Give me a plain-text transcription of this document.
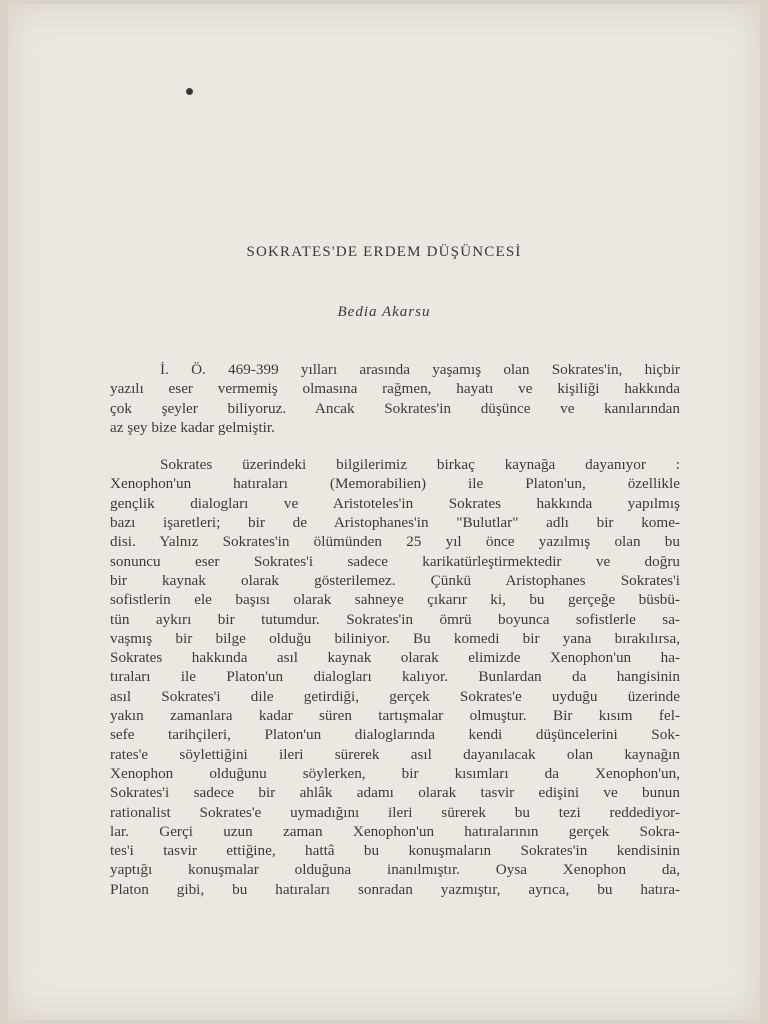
SOKRATES'DE ERDEM DÜŞÜNCESİ
Bedia Akarsu
İ. Ö. 469-399 yılları arasında yaşamış olan Sokrates'in, hiçbir
yazılı eser vermemiş olmasına rağmen, hayatı ve kişiliği hakkında
çok şeyler biliyoruz. Ancak Sokrates'in düşünce ve kanılarından
az şey bize kadar gelmiştir.
Sokrates üzerindeki bilgilerimiz birkaç kaynağa dayanıyor :
Xenophon'un hatıraları (Memorabilien) ile Platon'un, özellikle
gençlik dialogları ve Aristoteles'in Sokrates hakkında yapılmış
bazı işaretleri; bir de Aristophanes'in "Bulutlar" adlı bir kome-
disi. Yalnız Sokrates'in ölümünden 25 yıl önce yazılmış olan bu
sonuncu eser Sokrates'i sadece karikatürleştirmektedir ve doğru
bir kaynak olarak gösterilemez. Çünkü Aristophanes Sokrates'i
sofistlerin ele başısı olarak sahneye çıkarır ki, bu gerçeğe büsbü-
tün aykırı bir tutumdur. Sokrates'in ömrü boyunca sofistlerle sa-
vaşmış bir bilge olduğu biliniyor. Bu komedi bir yana bırakılırsa,
Sokrates hakkında asıl kaynak olarak elimizde Xenophon'un ha-
tıraları ile Platon'un dialogları kalıyor. Bunlardan da hangisinin
asıl Sokrates'i dile getirdiği, gerçek Sokrates'e uyduğu üzerinde
yakın zamanlara kadar süren tartışmalar olmuştur. Bir kısım fel-
sefe tarihçileri, Platon'un dialoglarında kendi düşüncelerini Sok-
rates'e söylettiğini ileri sürerek asıl dayanılacak olan kaynağın
Xenophon olduğunu söylerken, bir kısımları da Xenophon'un,
Sokrates'i sadece bir ahlâk adamı olarak tasvir edişini ve bunun
rationalist Sokrates'e uymadığını ileri sürerek bu tezi reddediyor-
lar. Gerçi uzun zaman Xenophon'un hatıralarının gerçek Sokra-
tes'i tasvir ettiğine, hattâ bu konuşmaların Sokrates'in kendisinin
yaptığı konuşmalar olduğuna inanılmıştır. Oysa Xenophon da,
Platon gibi, bu hatıraları sonradan yazmıştır, ayrıca, bu hatıra-
